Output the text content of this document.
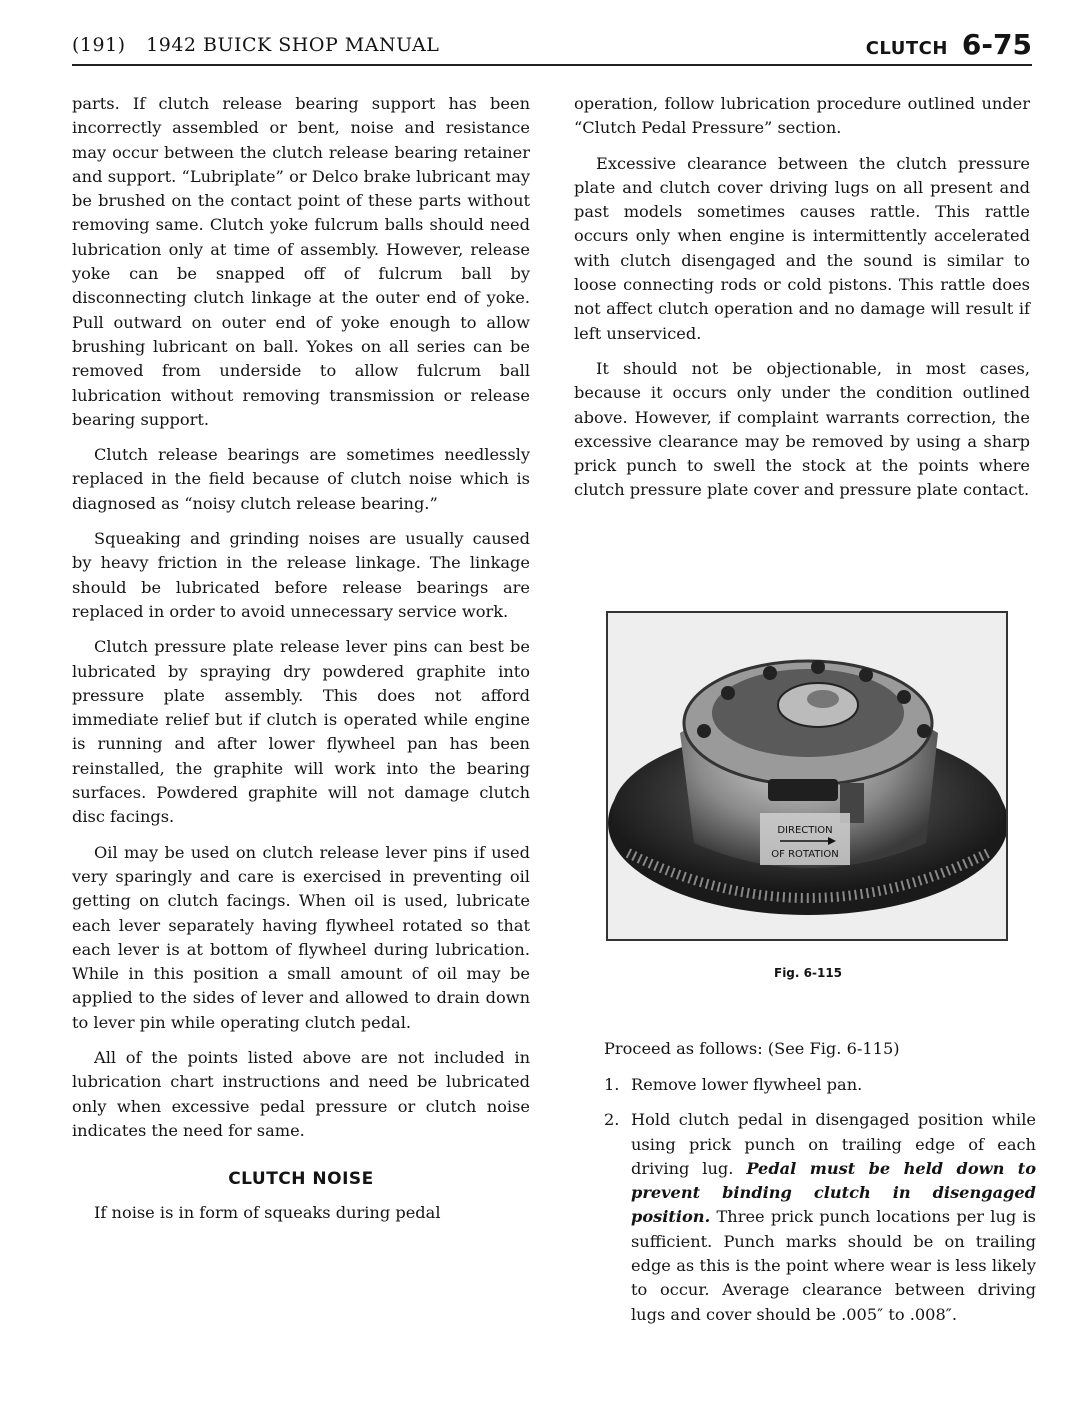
(191) 1942 BUICK SHOP MANUAL	CLUTCH 6-75

parts. If clutch release bearing support has been incorrectly assembled or bent, noise and resistance may occur between the clutch release bearing retainer and support. “Lubriplate” or Delco brake lubricant may be brushed on the contact point of these parts without removing same. Clutch yoke fulcrum balls should need lubrication only at time of assembly. However, release yoke can be snapped off of fulcrum ball by disconnecting clutch linkage at the outer end of yoke. Pull outward on outer end of yoke enough to allow brushing lubricant on ball. Yokes on all series can be removed from underside to allow fulcrum ball lubrication without removing transmission or release bearing support.

Clutch release bearings are sometimes needlessly replaced in the field because of clutch noise which is diagnosed as “noisy clutch release bearing.”

Squeaking and grinding noises are usually caused by heavy friction in the release linkage. The linkage should be lubricated before release bearings are replaced in order to avoid unnecessary service work.

Clutch pressure plate release lever pins can best be lubricated by spraying dry powdered graphite into pressure plate assembly. This does not afford immediate relief but if clutch is operated while engine is running and after lower flywheel pan has been reinstalled, the graphite will work into the bearing surfaces. Powdered graphite will not damage clutch disc facings.

Oil may be used on clutch release lever pins if used very sparingly and care is exercised in preventing oil getting on clutch facings. When oil is used, lubricate each lever separately having flywheel rotated so that each lever is at bottom of flywheel during lubrication. While in this position a small amount of oil may be applied to the sides of lever and allowed to drain down to lever pin while operating clutch pedal.

All of the points listed above are not included in lubrication chart instructions and need be lubricated only when excessive pedal pressure or clutch noise indicates the need for same.

CLUTCH NOISE

If noise is in form of squeaks during pedal

operation, follow lubrication procedure outlined under “Clutch Pedal Pressure” section.

Excessive clearance between the clutch pressure plate and clutch cover driving lugs on all present and past models sometimes causes rattle. This rattle occurs only when engine is intermittently accelerated with clutch disengaged and the sound is similar to loose connecting rods or cold pistons. This rattle does not affect clutch operation and no damage will result if left unserviced.

It should not be objectionable, in most cases, because it occurs only under the condition outlined above. However, if complaint warrants correction, the excessive clearance may be removed by using a sharp prick punch to swell the stock at the points where clutch pressure plate cover and pressure plate contact.

DIRECTION
OF ROTATION
Fig. 6-115
Proceed as follows: (See Fig. 6-115)
1. Remove lower flywheel pan.
2. Hold clutch pedal in disengaged position while using prick punch on trailing edge of each driving lug. Pedal must be held down to prevent binding clutch in disengaged position. Three prick punch locations per lug is sufficient. Punch marks should be on trailing edge as this is the point where wear is less likely to occur. Average clearance between driving lugs and cover should be .005″ to .008″.
